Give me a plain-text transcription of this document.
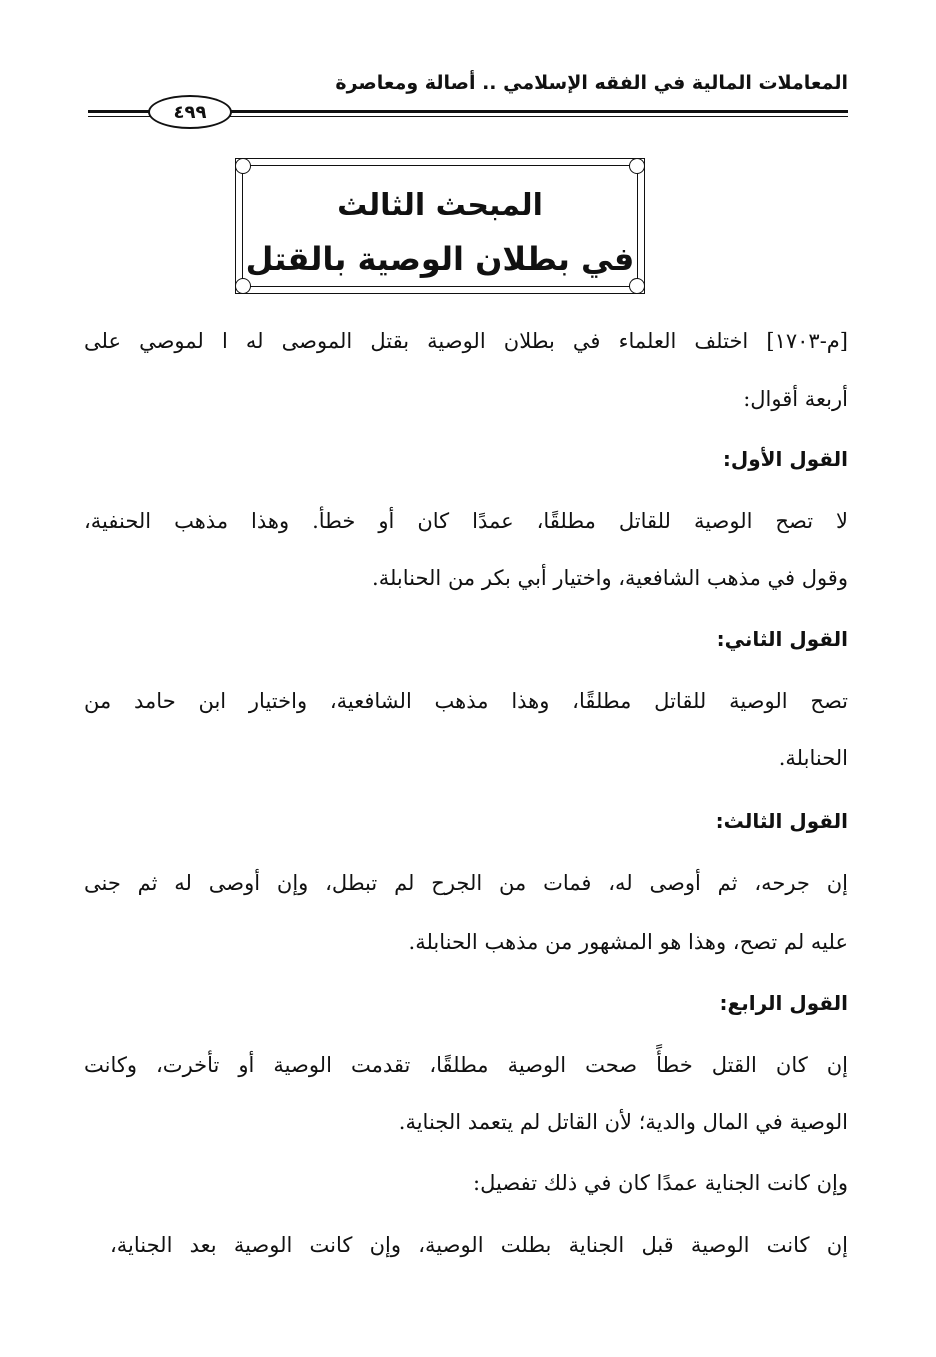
المعاملات المالية في الفقه الإسلامي .. أصالة ومعاصرة
٤٩٩
المبحث الثالث
في بطلان الوصية بالقتل
[م-١٧٠٣] اختلف العلماء في بطلان الوصية بقتل الموصى له ا لموصي على
أربعة أقوال:
القول الأول:
لا تصح الوصية للقاتل مطلقًا، عمدًا كان أو خطأ. وهذا مذهب الحنفية،
وقول في مذهب الشافعية، واختيار أبي بكر من الحنابلة.
القول الثاني:
تصح الوصية للقاتل مطلقًا، وهذا مذهب الشافعية، واختيار ابن حامد من
الحنابلة.
القول الثالث:
إن جرحه، ثم أوصى له، فمات من الجرح لم تبطل، وإن أوصى له ثم جنى
عليه لم تصح، وهذا هو المشهور من مذهب الحنابلة.
القول الرابع:
إن كان القتل خطأً صحت الوصية مطلقًا، تقدمت الوصية أو تأخرت، وكانت
الوصية في المال والدية؛ لأن القاتل لم يتعمد الجناية.
وإن كانت الجناية عمدًا كان في ذلك تفصيل:
إن كانت الوصية قبل الجناية بطلت الوصية، وإن كانت الوصية بعد الجناية،
